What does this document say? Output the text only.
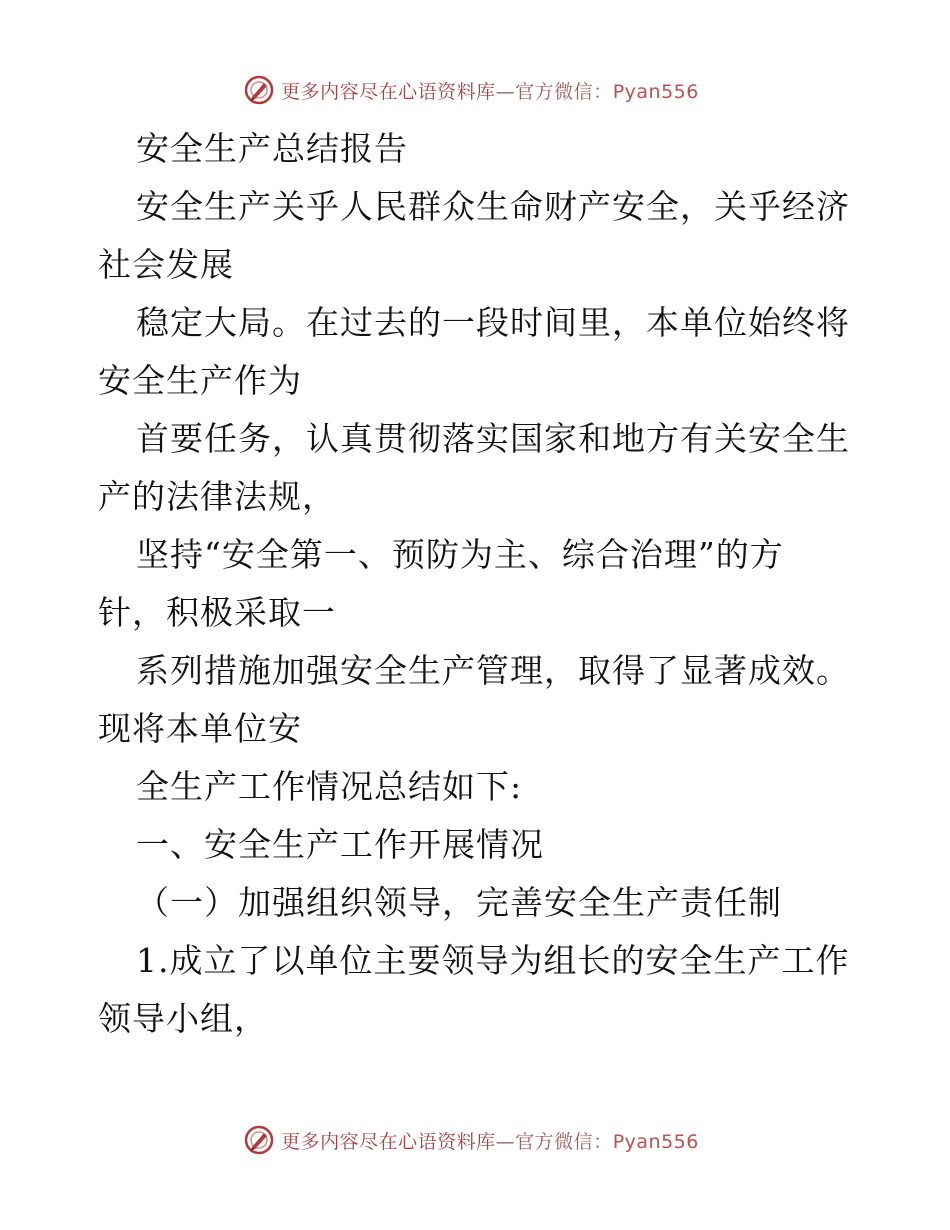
更多内容尽在心语资料库—官方微信：Pyan556
安全生产总结报告
安全生产关乎人民群众生命财产安全，关乎经济
社会发展
稳定大局。在过去的一段时间里，本单位始终将
安全生产作为
首要任务，认真贯彻落实国家和地方有关安全生
产的法律法规，
坚持“安全第一、预防为主、综合治理”的方
针，积极采取一
系列措施加强安全生产管理，取得了显著成效。
现将本单位安
全生产工作情况总结如下:
一、安全生产工作开展情况
（一）加强组织领导，完善安全生产责任制
1.成立了以单位主要领导为组长的安全生产工作
领导小组，
更多内容尽在心语资料库—官方微信：Pyan556
